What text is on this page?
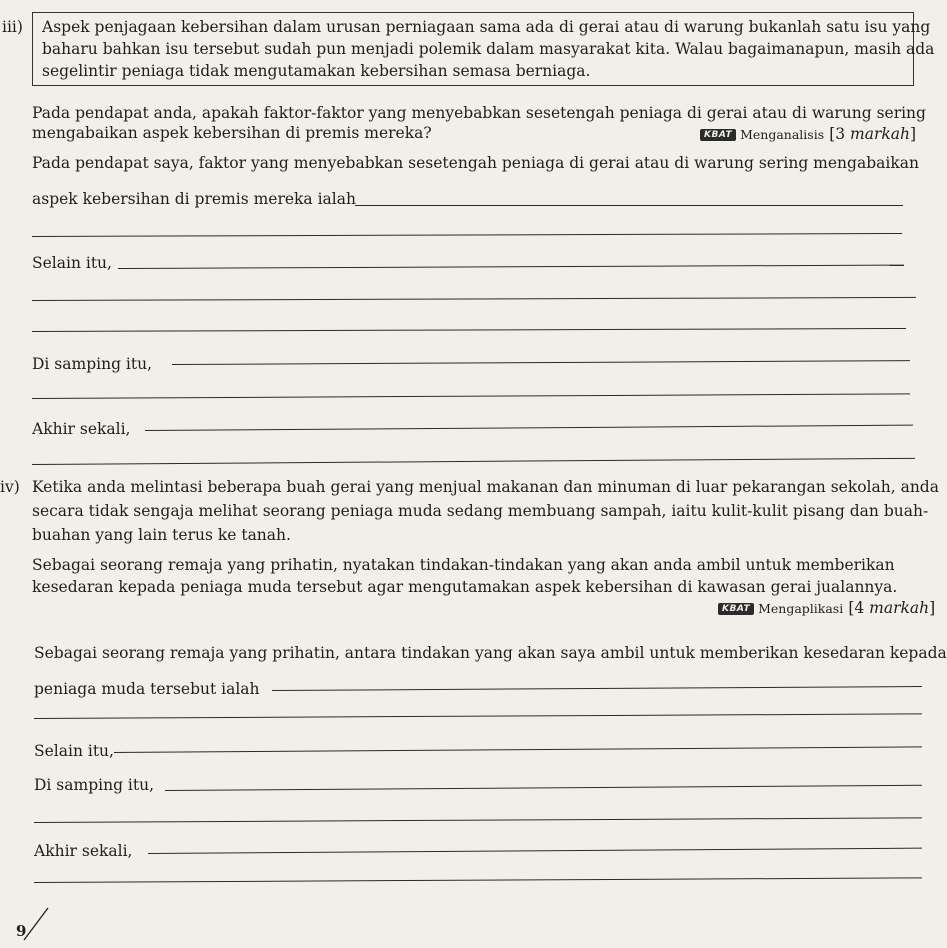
iii) Aspek penjagaan kebersihan dalam urusan perniagaan sama ada di gerai atau di warung bukanlah satu isu yang
baharu bahkan isu tersebut sudah pun menjadi polemik dalam masyarakat kita. Walau bagaimanapun, masih ada
segelintir peniaga tidak mengutamakan kebersihan semasa berniaga.
Pada pendapat anda, apakah faktor-faktor yang menyebabkan sesetengah peniaga di gerai atau di warung sering
mengabaikan aspek kebersihan di premis mereka?	KBAT Menganalisis [3 markah]
Pada pendapat saya, faktor yang menyebabkan sesetengah peniaga di gerai atau di warung sering mengabaikan
aspek kebersihan di premis mereka ialah
Selain itu,
Di samping itu,
Akhir sekali,
iv) Ketika anda melintasi beberapa buah gerai yang menjual makanan dan minuman di luar pekarangan sekolah, anda
secara tidak sengaja melihat seorang peniaga muda sedang membuang sampah, iaitu kulit-kulit pisang dan buah-
buahan yang lain terus ke tanah.
Sebagai seorang remaja yang prihatin, nyatakan tindakan-tindakan yang akan anda ambil untuk memberikan
kesedaran kepada peniaga muda tersebut agar mengutamakan aspek kebersihan di kawasan gerai jualannya.
KBAT Mengaplikasi [4 markah]
Sebagai seorang remaja yang prihatin, antara tindakan yang akan saya ambil untuk memberikan kesedaran kepada
peniaga muda tersebut ialah
Selain itu,
Di samping itu,
Akhir sekali,
9
